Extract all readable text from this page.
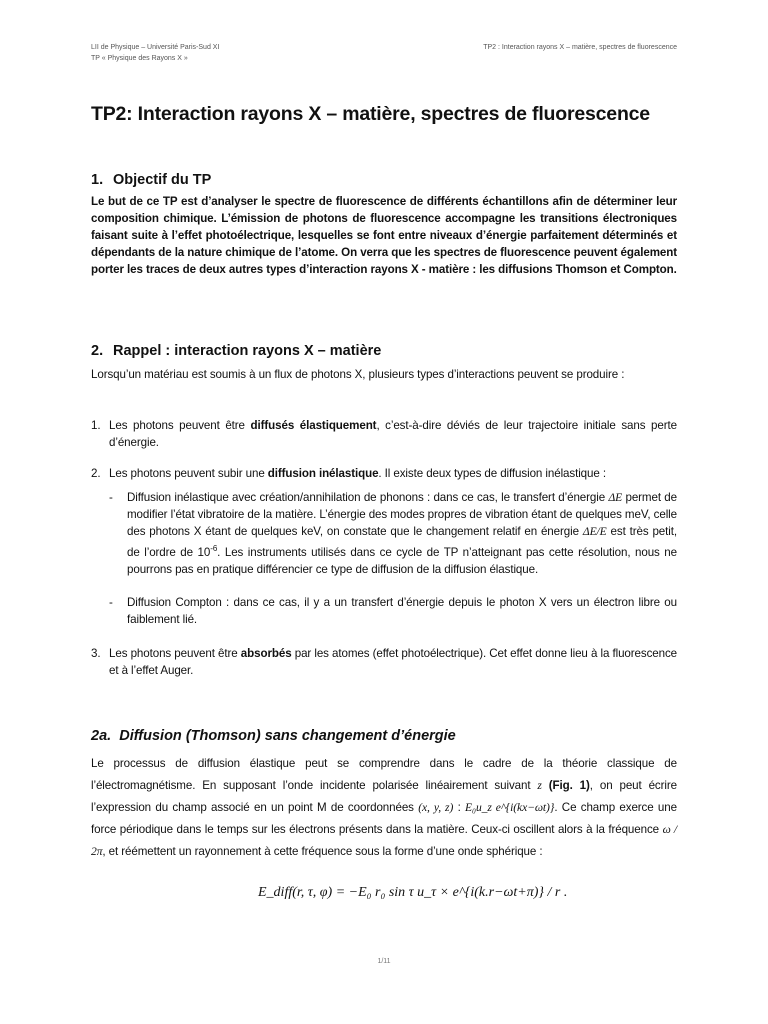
LII de Physique – Université Paris-Sud XI
TP « Physique des Rayons X »
TP2 : Interaction rayons X – matière, spectres de fluorescence
TP2: Interaction rayons X – matière, spectres de fluorescence
1. Objectif du TP
Le but de ce TP est d’analyser le spectre de fluorescence de différents échantillons afin de déterminer leur composition chimique. L’émission de photons de fluorescence accompagne les transitions électroniques faisant suite à l’effet photoélectrique, lesquelles se font entre niveaux d’énergie parfaitement déterminés et dépendants de la nature chimique de l’atome. On verra que les spectres de fluorescence peuvent également porter les traces de deux autres types d’interaction rayons X - matière : les diffusions Thomson et Compton.
2. Rappel : interaction rayons X – matière
Lorsqu’un matériau est soumis à un flux de photons X, plusieurs types d’interactions peuvent se produire :
1. Les photons peuvent être diffusés élastiquement, c’est-à-dire déviés de leur trajectoire initiale sans perte d’énergie.
2. Les photons peuvent subir une diffusion inélastique. Il existe deux types de diffusion inélastique :
- Diffusion inélastique avec création/annihilation de phonons : dans ce cas, le transfert d’énergie ΔE permet de modifier l’état vibratoire de la matière. L’énergie des modes propres de vibration étant de quelques meV, celle des photons X étant de quelques keV, on constate que le changement relatif en énergie ΔE/E est très petit, de l’ordre de $10^{-6}$. Les instruments utilisés dans ce cycle de TP n’atteignant pas cette résolution, nous ne pourrons pas en pratique différencier ce type de diffusion de la diffusion élastique.
- Diffusion Compton : dans ce cas, il y a un transfert d’énergie depuis le photon X vers un électron libre ou faiblement lié.
3. Les photons peuvent être absorbés par les atomes (effet photoélectrique). Cet effet donne lieu à la fluorescence et à l’effet Auger.
2a. Diffusion (Thomson) sans changement d’énergie
Le processus de diffusion élastique peut se comprendre dans le cadre de la théorie classique de l’électromagnétisme. En supposant l’onde incidente polarisée linéairement suivant z (Fig. 1), on peut écrire l’expression du champ associé en un point M de coordonnées (x, y, z) : E₀u_z e^{i(kx−ωt)}. Ce champ exerce une force périodique dans le temps sur les électrons présents dans la matière. Ceux-ci oscillent alors à la fréquence ω / 2π, et réémettent un rayonnement à cette fréquence sous la forme d’une onde sphérique :
E_diff(r, τ, φ) = −E₀ r₀ sin τ u_τ × e^{i(k.r−ωt+π)} / r .
1/11
